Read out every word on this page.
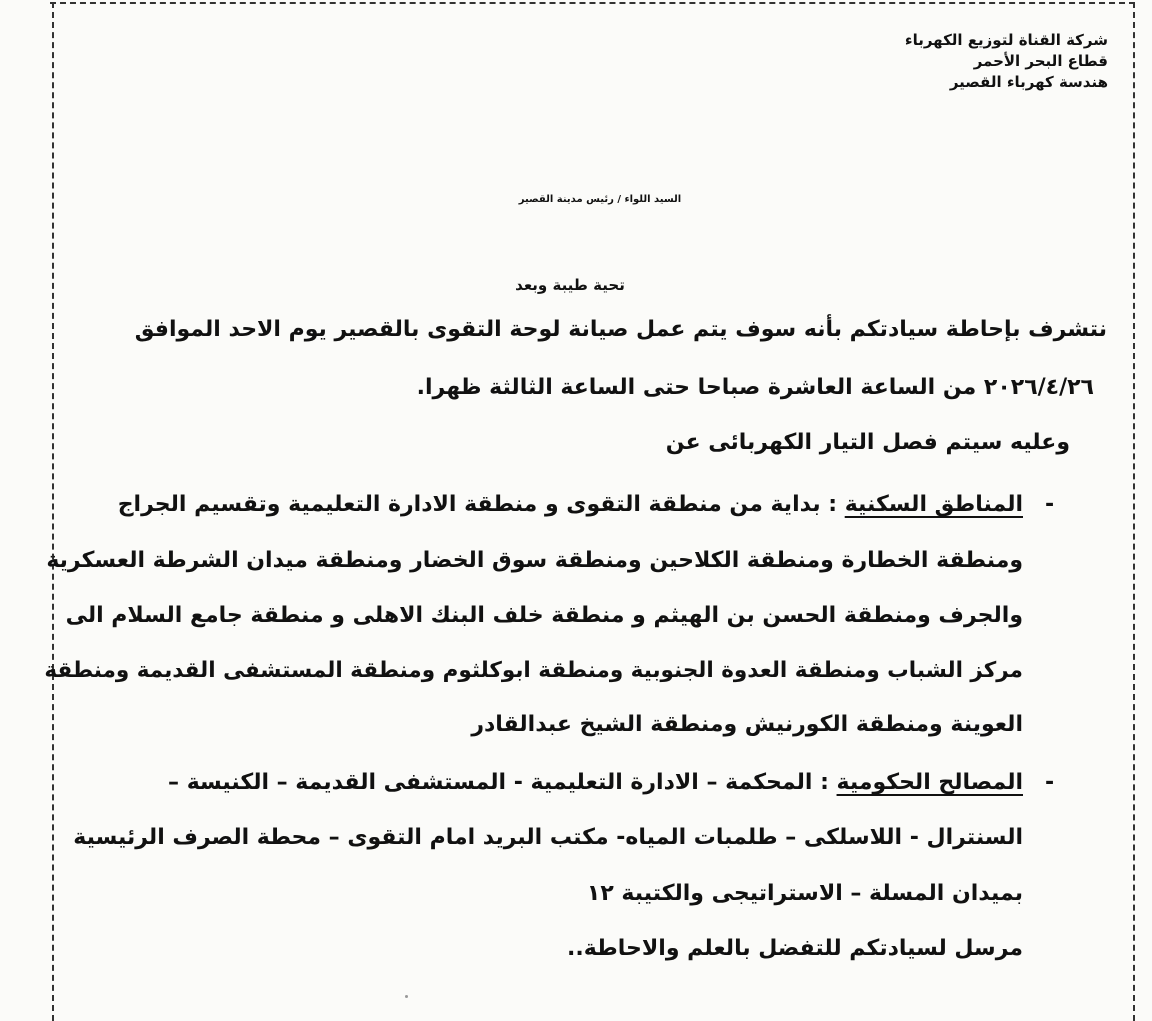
شركة القناة لتوزيع الكهرباء
قطاع البحر الأحمر
هندسة كهرباء القصير
السيد اللواء / رئيس مدينة القصير
تحية طيبة وبعد
نتشرف بإحاطة سيادتكم بأنه سوف يتم عمل صيانة لوحة التقوى بالقصير يوم الاحد الموافق
٢٠٢٦/٤/٢٦ من الساعة العاشرة صباحا حتى الساعة الثالثة ظهرا.
وعليه سيتم فصل التيار الكهربائى عن
-
المناطق السكنية : بداية من منطقة التقوى و منطقة الادارة التعليمية وتقسيم الجراج
ومنطقة الخطارة ومنطقة الكلاحين ومنطقة سوق الخضار ومنطقة ميدان الشرطة العسكرية
والجرف ومنطقة الحسن بن الهيثم و منطقة خلف البنك الاهلى و منطقة جامع السلام الى
مركز الشباب ومنطقة العدوة الجنوبية ومنطقة ابوكلثوم ومنطقة المستشفى القديمة ومنطقة
العوينة ومنطقة الكورنيش ومنطقة الشيخ عبدالقادر
-
المصالح الحكومية : المحكمة – الادارة التعليمية - المستشفى القديمة – الكنيسة –
السنترال - اللاسلكى – طلمبات المياه- مكتب البريد امام التقوى – محطة الصرف الرئيسية
بميدان المسلة – الاستراتيجى والكتيبة ١٢
مرسل لسيادتكم للتفضل بالعلم والاحاطة..
